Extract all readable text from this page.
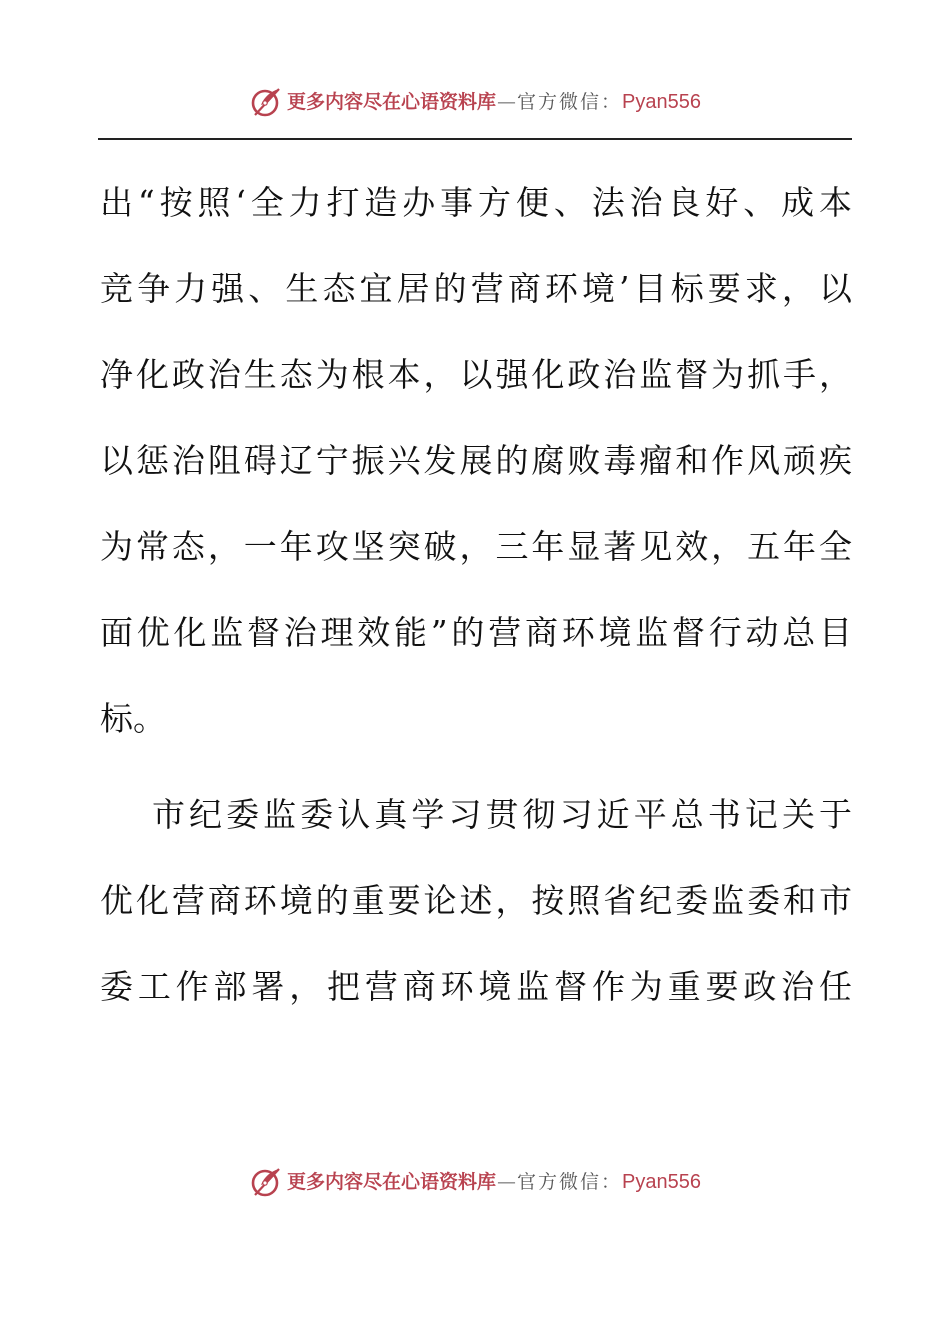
更多内容尽在心语资料库 — 官方微信： Pyan556
出“按照‘全力打造办事方便、法治良好、成本
竞争力强、生态宜居的营商环境’目标要求，以
净化政治生态为根本，以强化政治监督为抓手，
以惩治阻碍辽宁振兴发展的腐败毒瘤和作风顽疾
为常态，一年攻坚突破，三年显著见效，五年全
面优化监督治理效能”的营商环境监督行动总目
标。
市纪委监委认真学习贯彻习近平总书记关于
优化营商环境的重要论述，按照省纪委监委和市
委工作部署，把营商环境监督作为重要政治任
更多内容尽在心语资料库 — 官方微信： Pyan556
